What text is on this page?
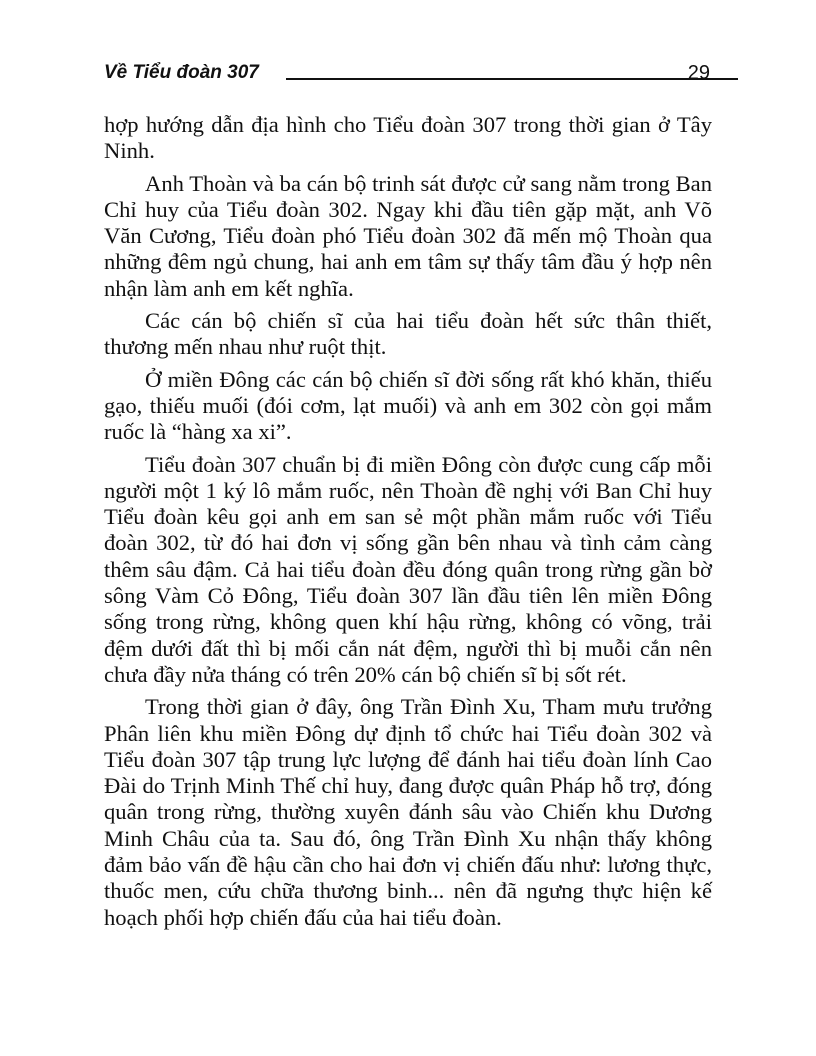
Về Tiểu đoàn 307	29

hợp hướng dẫn địa hình cho Tiểu đoàn 307 trong thời gian ở Tây Ninh.

Anh Thoàn và ba cán bộ trinh sát được cử sang nằm trong Ban Chỉ huy của Tiểu đoàn 302. Ngay khi đầu tiên gặp mặt, anh Võ Văn Cương, Tiểu đoàn phó Tiểu đoàn 302 đã mến mộ Thoàn qua những đêm ngủ chung, hai anh em tâm sự thấy tâm đầu ý hợp nên nhận làm anh em kết nghĩa.

Các cán bộ chiến sĩ của hai tiểu đoàn hết sức thân thiết, thương mến nhau như ruột thịt.

Ở miền Đông các cán bộ chiến sĩ đời sống rất khó khăn, thiếu gạo, thiếu muối (đói cơm, lạt muối) và anh em 302 còn gọi mắm ruốc là “hàng xa xi”.

Tiểu đoàn 307 chuẩn bị đi miền Đông còn được cung cấp mỗi người một 1 ký lô mắm ruốc, nên Thoàn đề nghị với Ban Chỉ huy Tiểu đoàn kêu gọi anh em san sẻ một phần mắm ruốc với Tiểu đoàn 302, từ đó hai đơn vị sống gần bên nhau và tình cảm càng thêm sâu đậm. Cả hai tiểu đoàn đều đóng quân trong rừng gần bờ sông Vàm Cỏ Đông, Tiểu đoàn 307 lần đầu tiên lên miền Đông sống trong rừng, không quen khí hậu rừng, không có võng, trải đệm dưới đất thì bị mối cắn nát đệm, người thì bị muỗi cắn nên chưa đầy nửa tháng có trên 20% cán bộ chiến sĩ bị sốt rét.

Trong thời gian ở đây, ông Trần Đình Xu, Tham mưu trưởng Phân liên khu miền Đông dự định tổ chức hai Tiểu đoàn 302 và Tiểu đoàn 307 tập trung lực lượng để đánh hai tiểu đoàn lính Cao Đài do Trịnh Minh Thế chỉ huy, đang được quân Pháp hỗ trợ, đóng quân trong rừng, thường xuyên đánh sâu vào Chiến khu Dương Minh Châu của ta. Sau đó, ông Trần Đình Xu nhận thấy không đảm bảo vấn đề hậu cần cho hai đơn vị chiến đấu như: lương thực, thuốc men, cứu chữa thương binh... nên đã ngưng thực hiện kế hoạch phối hợp chiến đấu của hai tiểu đoàn.
